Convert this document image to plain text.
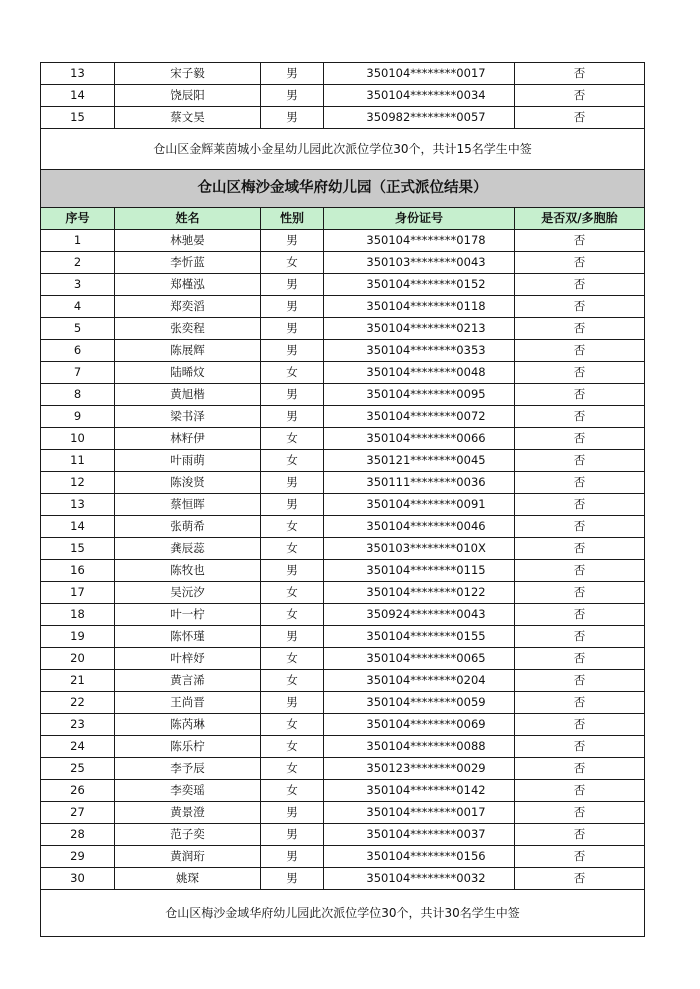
13	宋子毅	男	350104********0017	否
14	饶辰阳	男	350104********0034	否
15	蔡文昊	男	350982********0057	否
仓山区金辉莱茵城小金星幼儿园此次派位学位30个，共计15名学生中签				
仓山区梅沙金域华府幼儿园（正式派位结果）				
序号	姓名	性别	身份证号	是否双/多胞胎
1	林驰晏	男	350104********0178	否
2	李忻蓝	女	350103********0043	否
3	郑槿泓	男	350104********0152	否
4	郑奕滔	男	350104********0118	否
5	张奕程	男	350104********0213	否
6	陈展辉	男	350104********0353	否
7	陆晞炆	女	350104********0048	否
8	黄旭楷	男	350104********0095	否
9	梁书泽	男	350104********0072	否
10	林籽伊	女	350104********0066	否
11	叶雨萌	女	350121********0045	否
12	陈浚贤	男	350111********0036	否
13	蔡恒晖	男	350104********0091	否
14	张萌希	女	350104********0046	否
15	龚辰蕊	女	350103********010X	否
16	陈牧也	男	350104********0115	否
17	吴沅汐	女	350104********0122	否
18	叶一柠	女	350924********0043	否
19	陈怀瑾	男	350104********0155	否
20	叶梓妤	女	350104********0065	否
21	黄言浠	女	350104********0204	否
22	王尚晋	男	350104********0059	否
23	陈芮琳	女	350104********0069	否
24	陈乐柠	女	350104********0088	否
25	李予辰	女	350123********0029	否
26	李奕瑶	女	350104********0142	否
27	黄景澄	男	350104********0017	否
28	范子奕	男	350104********0037	否
29	黄润珩	男	350104********0156	否
30	姚琛	男	350104********0032	否
仓山区梅沙金域华府幼儿园此次派位学位30个，共计30名学生中签				
